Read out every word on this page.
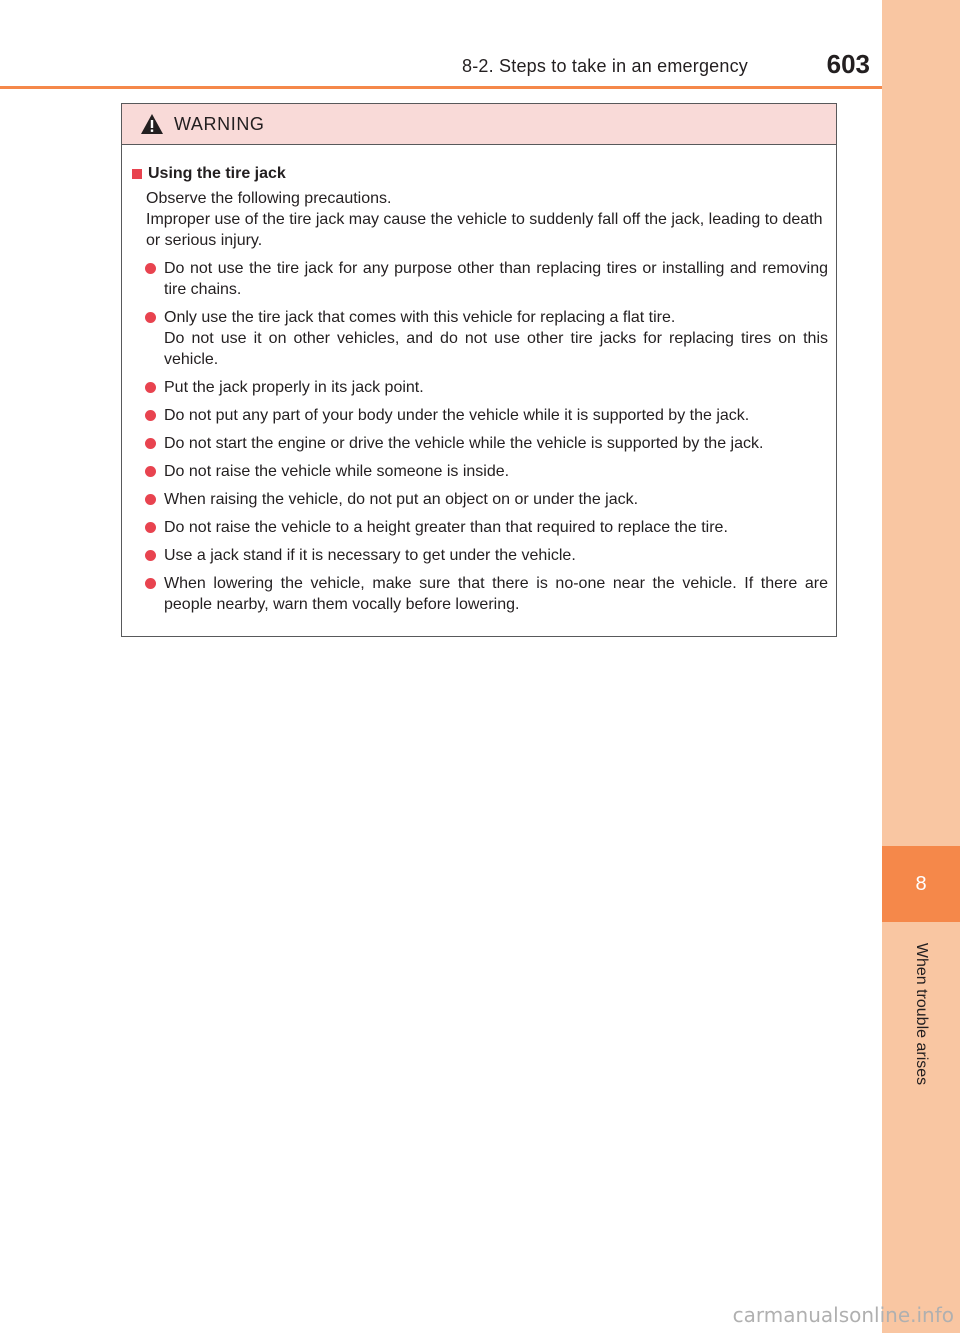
8
When trouble arises
8-2. Steps to take in an emergency	603
WARNING
Using the tire jack
Observe the following precautions.
Improper use of the tire jack may cause the vehicle to suddenly fall off the jack, leading to death or serious injury.
Do not use the tire jack for any purpose other than replacing tires or installing and removing tire chains.
Only use the tire jack that comes with this vehicle for replacing a flat tire.
Do not use it on other vehicles, and do not use other tire jacks for replacing tires on this vehicle.
Put the jack properly in its jack point.
Do not put any part of your body under the vehicle while it is supported by the jack.
Do not start the engine or drive the vehicle while the vehicle is supported by the jack.
Do not raise the vehicle while someone is inside.
When raising the vehicle, do not put an object on or under the jack.
Do not raise the vehicle to a height greater than that required to replace the tire.
Use a jack stand if it is necessary to get under the vehicle.
When lowering the vehicle, make sure that there is no-one near the vehicle. If there are people nearby, warn them vocally before lowering.
carmanualsonline.info
